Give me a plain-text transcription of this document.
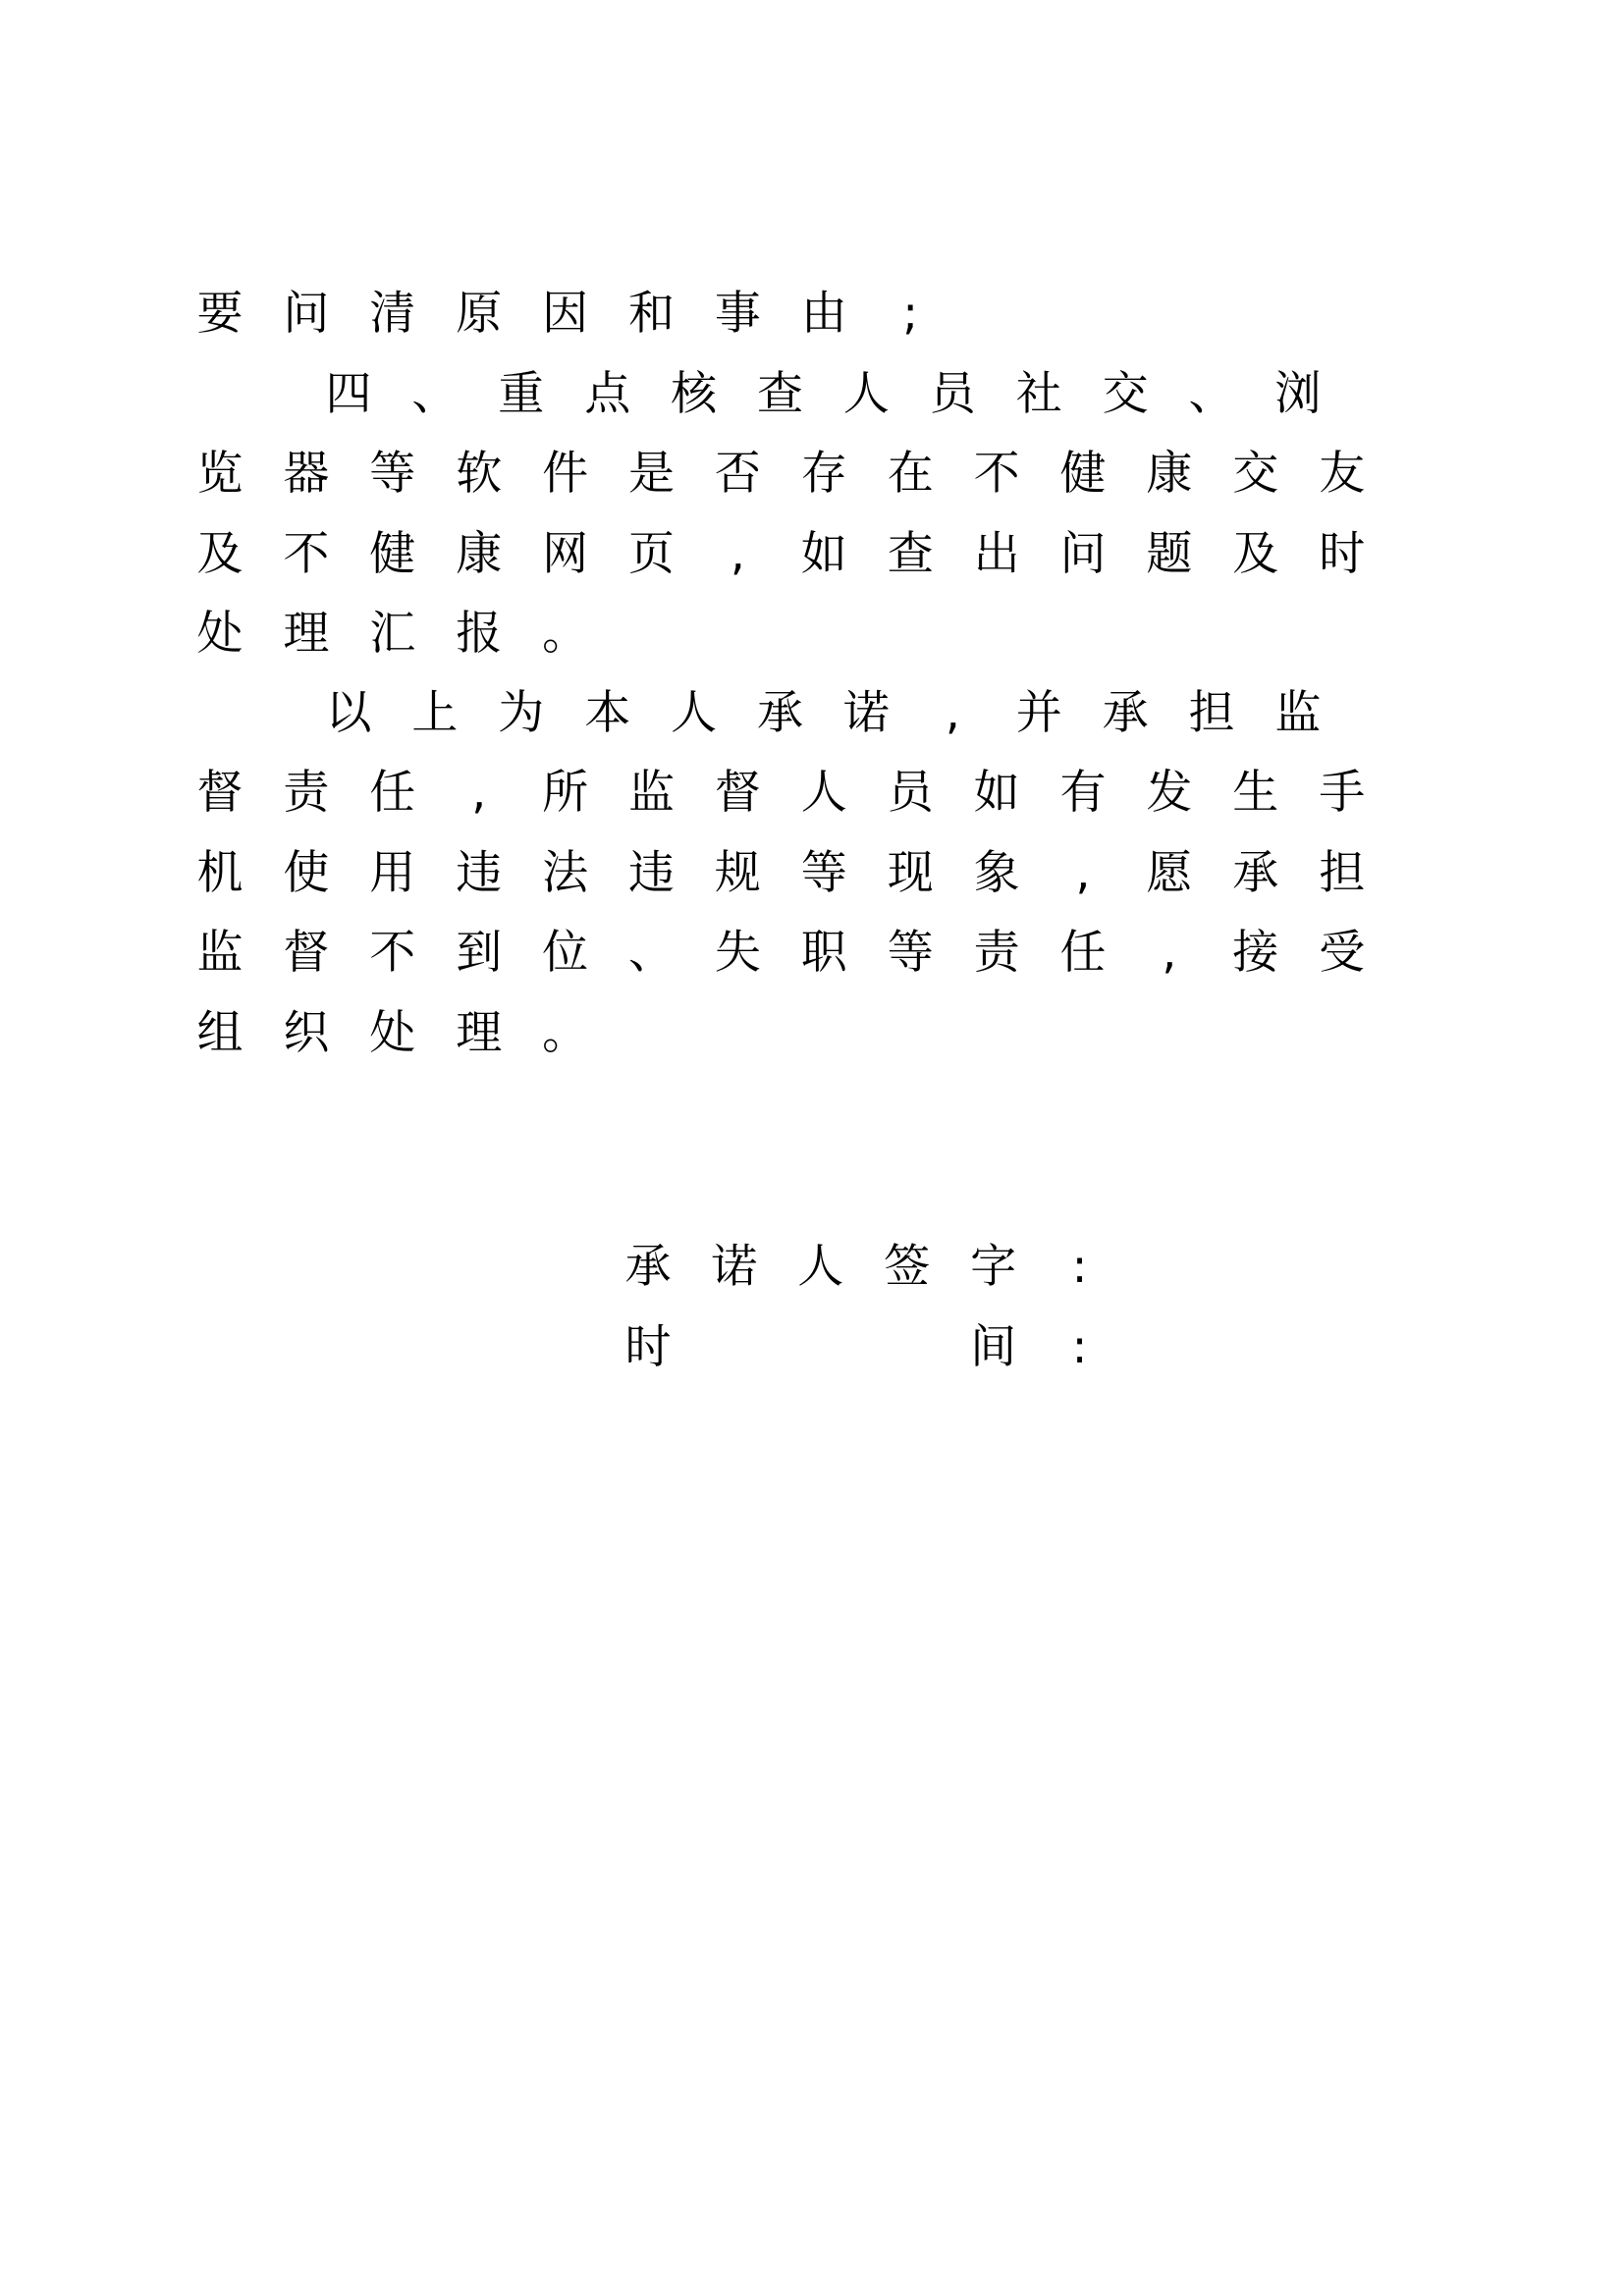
要 问 清 原 因 和 事 由	;
四 、 重 点 核 查 人 员 社 交 、 浏
览 器 等 软 件 是 否 存 在 不 健 康 交 友
及 不 健 康 网 页	,	如 查 出 问 题 及 时
处 理 汇 报 。
以 上 为 本 人 承 诺	,	并 承 担 监
督 责 任	,	所 监 督 人 员 如 有 发 生 手
机 使 用 违 法 违 规 等 现 象	,	愿 承 担
监 督 不 到 位 、 失 职 等 责 任	,	接 受
组 织 处 理 。
承 诺 人 签 字	:
时	间	:
